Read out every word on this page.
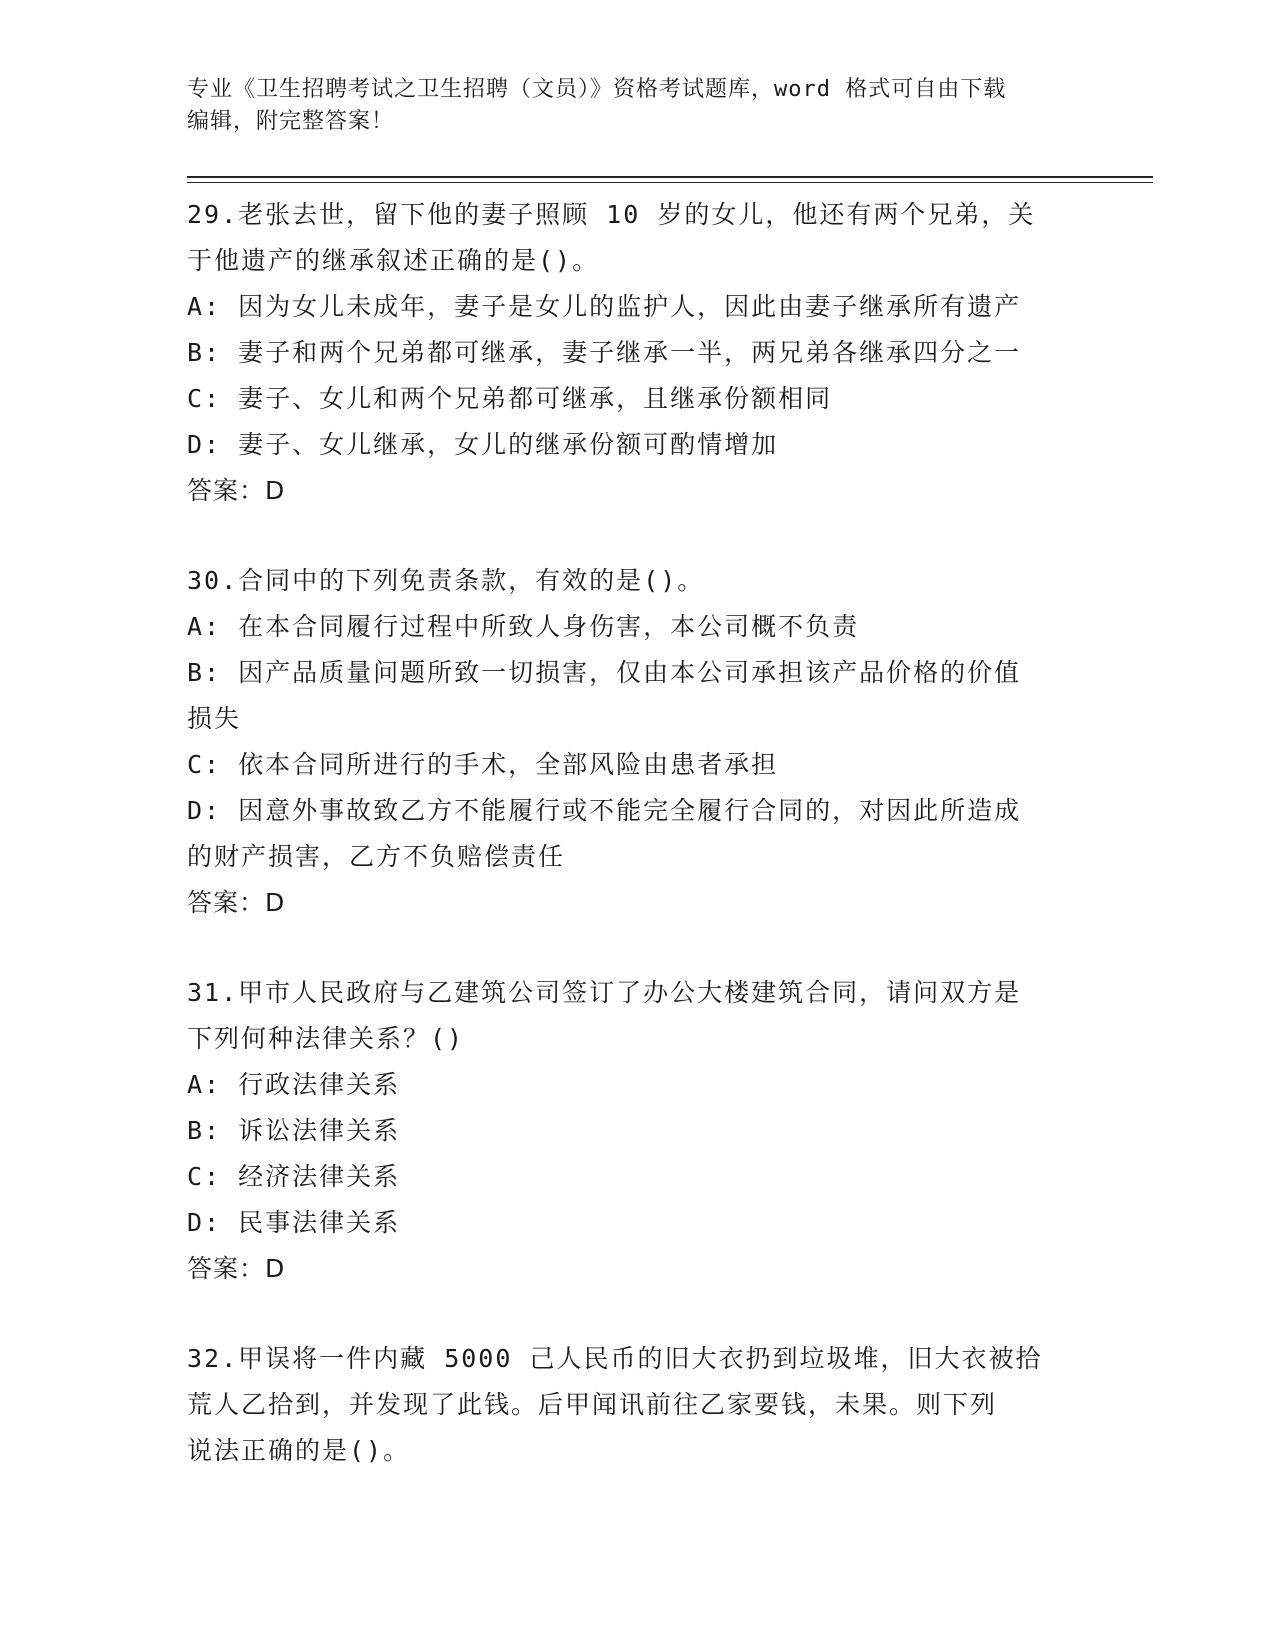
专业《卫生招聘考试之卫生招聘（文员）》资格考试题库，word 格式可自由下载
编辑，附完整答案！
29.老张去世，留下他的妻子照顾 10 岁的女儿，他还有两个兄弟，关
于他遗产的继承叙述正确的是()。
A: 因为女儿未成年，妻子是女儿的监护人，因此由妻子继承所有遗产
B: 妻子和两个兄弟都可继承，妻子继承一半，两兄弟各继承四分之一
C: 妻子、女儿和两个兄弟都可继承，且继承份额相同
D: 妻子、女儿继承，女儿的继承份额可酌情增加
答案：D
30.合同中的下列免责条款，有效的是()。
A: 在本合同履行过程中所致人身伤害，本公司概不负责
B: 因产品质量问题所致一切损害，仅由本公司承担该产品价格的价值
损失
C: 依本合同所进行的手术，全部风险由患者承担
D: 因意外事故致乙方不能履行或不能完全履行合同的，对因此所造成
的财产损害，乙方不负赔偿责任
答案：D
31.甲市人民政府与乙建筑公司签订了办公大楼建筑合同，请问双方是
下列何种法律关系？()
A: 行政法律关系
B: 诉讼法律关系
C: 经济法律关系
D: 民事法律关系
答案：D
32.甲误将一件内藏 5000 己人民币的旧大衣扔到垃圾堆，旧大衣被拾
荒人乙拾到，并发现了此钱。后甲闻讯前往乙家要钱，未果。则下列
说法正确的是()。
